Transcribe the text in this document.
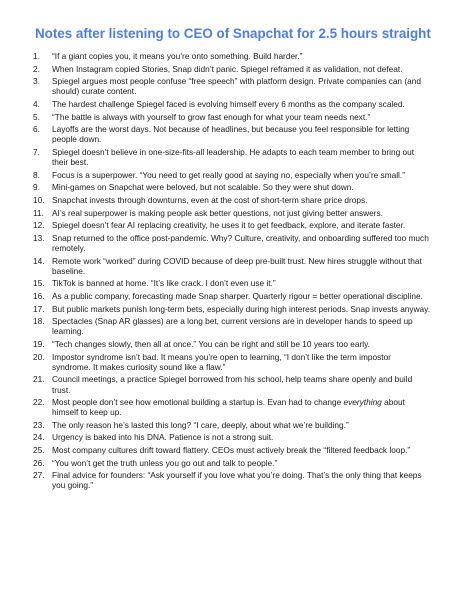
Notes after listening to CEO of Snapchat for 2.5 hours straight
1.	“If a giant copies you, it means you’re onto something. Build harder.”
2.	When Instagram copied Stories, Snap didn’t panic. Spiegel reframed it as validation, not defeat.
3.	Spiegel argues most people confuse “free speech” with platform design. Private companies can (and should) curate content.
4.	The hardest challenge Spiegel faced is evolving himself every 6 months as the company scaled.
5.	“The battle is always with yourself to grow fast enough for what your team needs next.”
6.	Layoffs are the worst days. Not because of headlines, but because you feel responsible for letting people down.
7.	Spiegel doesn’t believe in one-size-fits-all leadership. He adapts to each team member to bring out their best.
8.	Focus is a superpower. “You need to get really good at saying no, especially when you’re small.”
9.	Mini-games on Snapchat were beloved, but not scalable. So they were shut down.
10. Snapchat invests through downturns, even at the cost of short-term share price drops.
11. AI’s real superpower is making people ask better questions, not just giving better answers.
12. Spiegel doesn’t fear AI replacing creativity, he uses it to get feedback, explore, and iterate faster.
13. Snap returned to the office post-pandemic. Why? Culture, creativity, and onboarding suffered too much remotely.
14. Remote work “worked” during COVID because of deep pre-built trust. New hires struggle without that baseline.
15. TikTok is banned at home. “It’s like crack. I don’t even use it.”
16. As a public company, forecasting made Snap sharper. Quarterly rigour = better operational discipline.
17. But public markets punish long-term bets, especially during high interest periods. Snap invests anyway.
18. Spectacles (Snap AR glasses) are a long bet, current versions are in developer hands to speed up learning.
19. “Tech changes slowly, then all at once.” You can be right and still be 10 years too early.
20. Impostor syndrome isn’t bad. It means you’re open to learning, “I don’t like the term impostor syndrome. It makes curiosity sound like a flaw.”
21. Council meetings, a practice Spiegel borrowed from his school, help teams share openly and build trust.
22. Most people don’t see how emotional building a startup is. Evan had to change everything about himself to keep up.
23. The only reason he’s lasted this long? “I care, deeply, about what we’re building.”
24. Urgency is baked into his DNA. Patience is not a strong suit.
25. Most company cultures drift toward flattery. CEOs must actively break the “filtered feedback loop.”
26. “You won’t get the truth unless you go out and talk to people.”
27. Final advice for founders: “Ask yourself if you love what you’re doing. That’s the only thing that keeps you going.”
